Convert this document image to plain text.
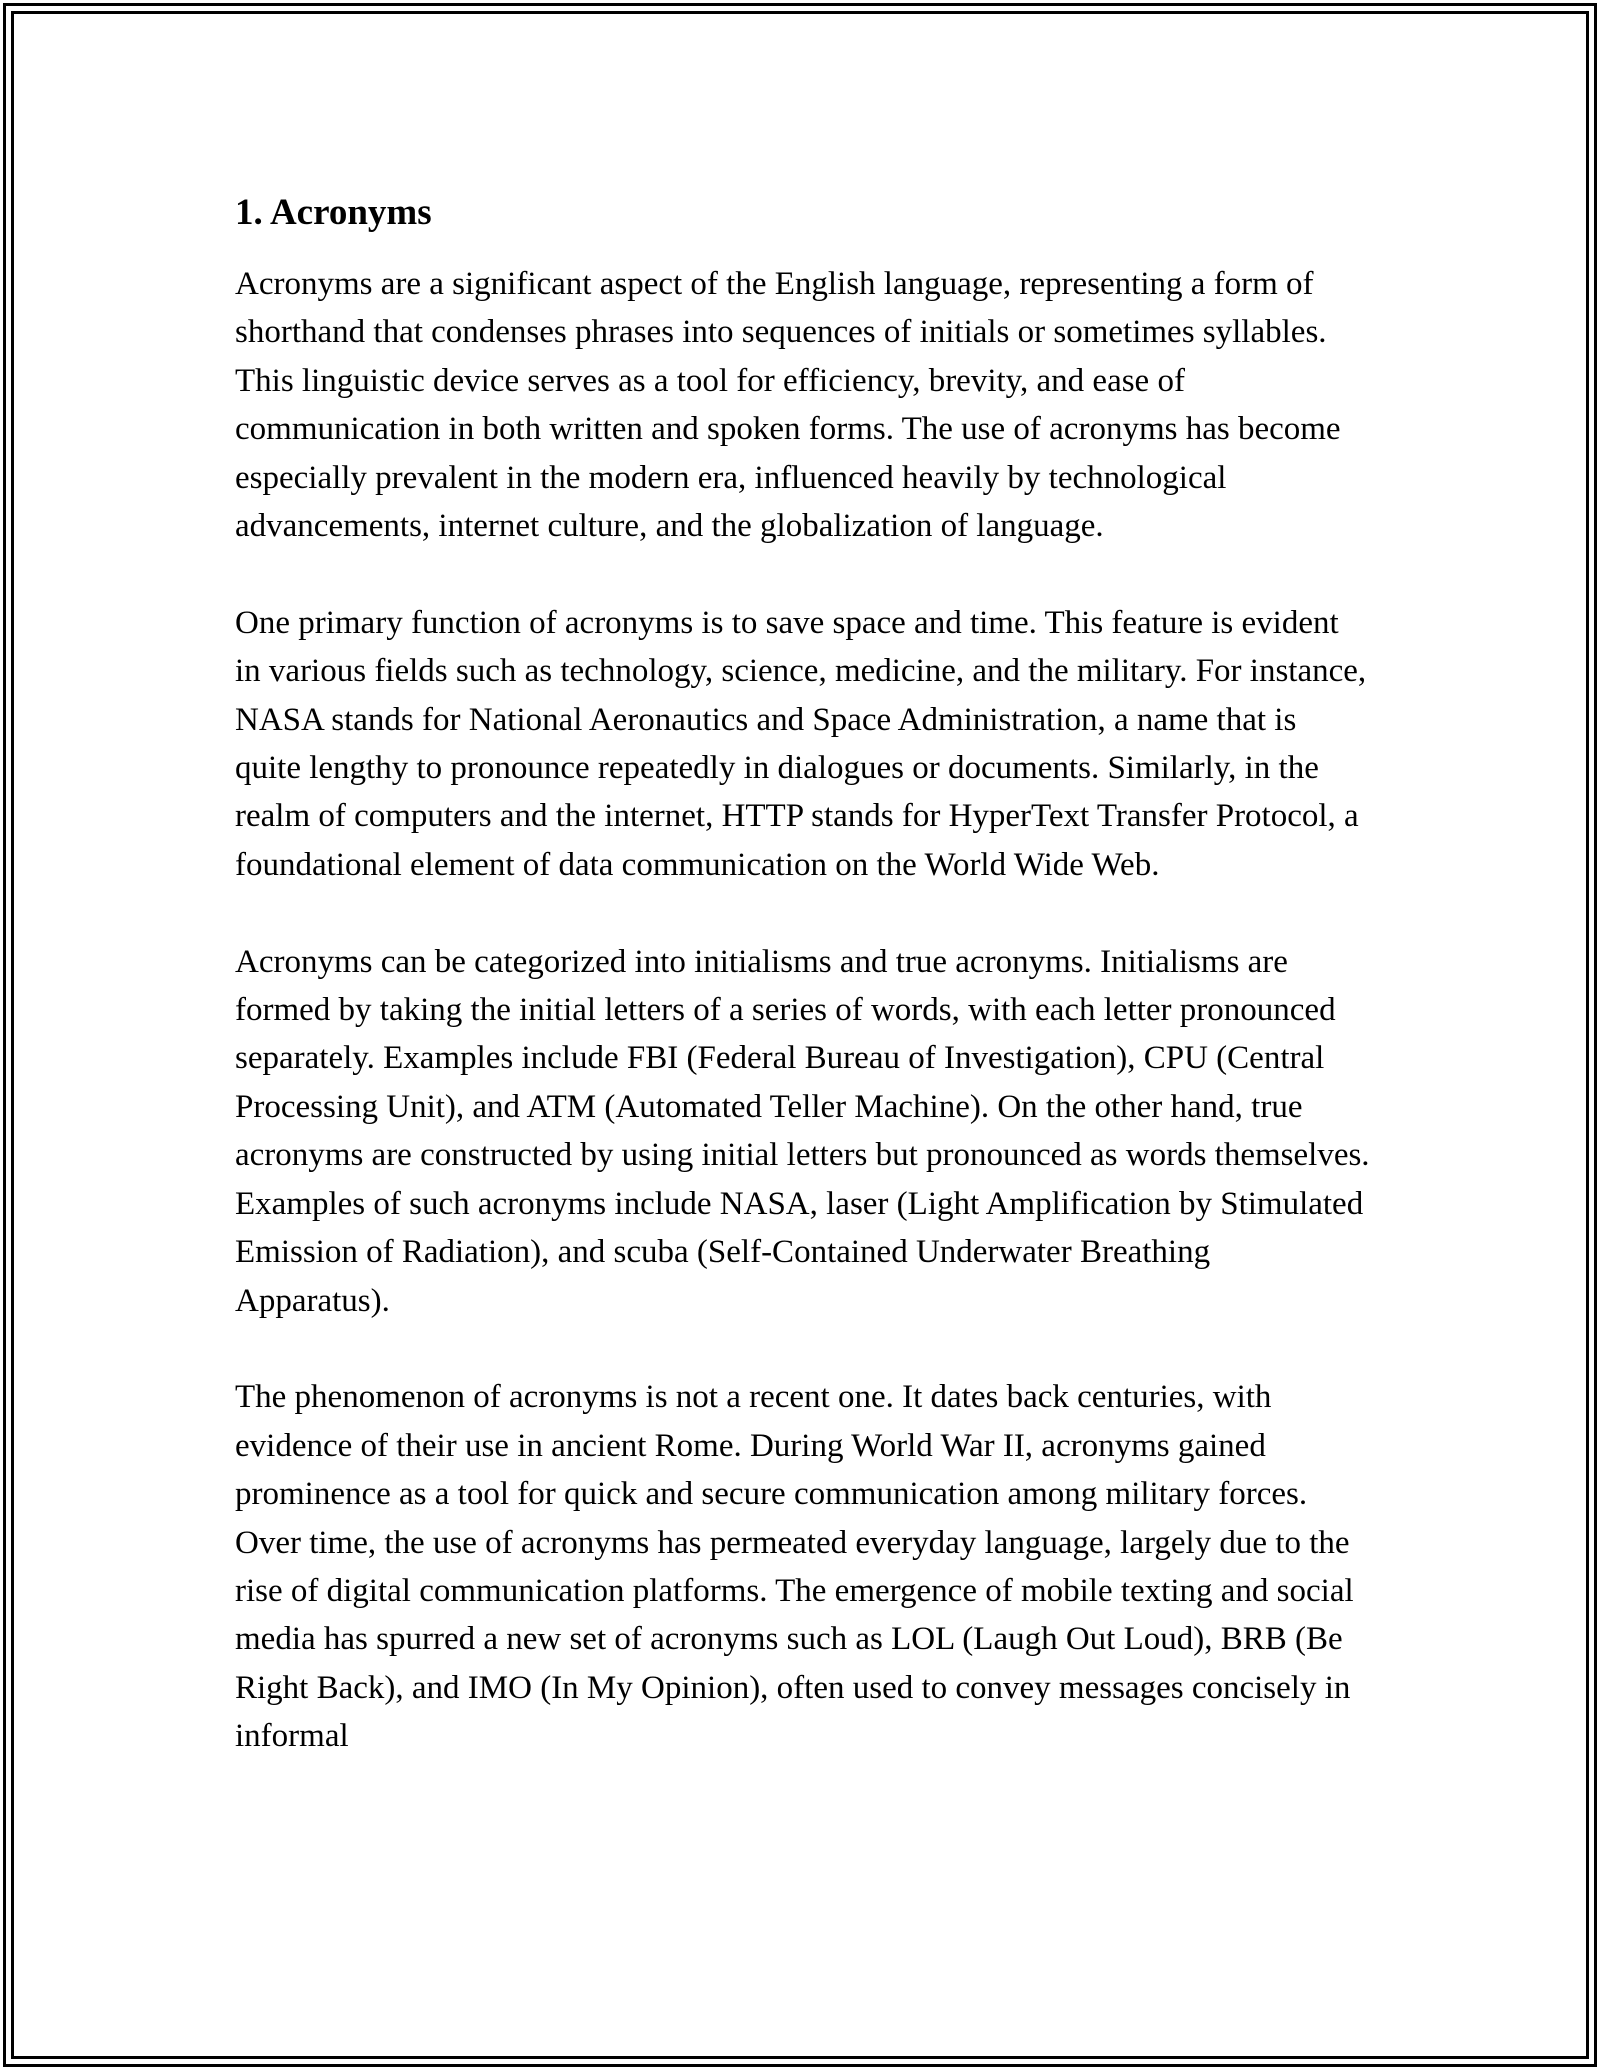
1. Acronyms

Acronyms are a significant aspect of the English language, representing a form of shorthand that condenses phrases into sequences of initials or sometimes syllables. This linguistic device serves as a tool for efficiency, brevity, and ease of communication in both written and spoken forms. The use of acronyms has become especially prevalent in the modern era, influenced heavily by technological advancements, internet culture, and the globalization of language.

One primary function of acronyms is to save space and time. This feature is evident in various fields such as technology, science, medicine, and the military. For instance, NASA stands for National Aeronautics and Space Administration, a name that is quite lengthy to pronounce repeatedly in dialogues or documents. Similarly, in the realm of computers and the internet, HTTP stands for HyperText Transfer Protocol, a foundational element of data communication on the World Wide Web.

Acronyms can be categorized into initialisms and true acronyms. Initialisms are formed by taking the initial letters of a series of words, with each letter pronounced separately. Examples include FBI (Federal Bureau of Investigation), CPU (Central Processing Unit), and ATM (Automated Teller Machine). On the other hand, true acronyms are constructed by using initial letters but pronounced as words themselves. Examples of such acronyms include NASA, laser (Light Amplification by Stimulated Emission of Radiation), and scuba (Self-Contained Underwater Breathing Apparatus).

The phenomenon of acronyms is not a recent one. It dates back centuries, with evidence of their use in ancient Rome. During World War II, acronyms gained prominence as a tool for quick and secure communication among military forces. Over time, the use of acronyms has permeated everyday language, largely due to the rise of digital communication platforms. The emergence of mobile texting and social media has spurred a new set of acronyms such as LOL (Laugh Out Loud), BRB (Be Right Back), and IMO (In My Opinion), often used to convey messages concisely in informal
